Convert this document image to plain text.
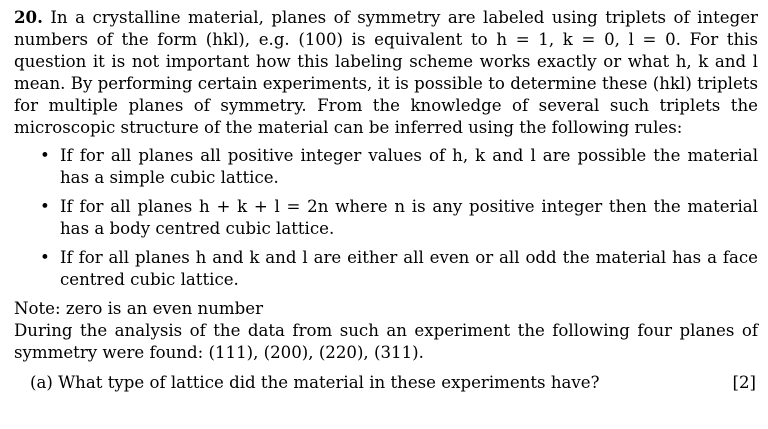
20. In a crystalline material, planes of symmetry are labeled using triplets of integer numbers of the form (hkl), e.g. (100) is equivalent to h = 1, k = 0, l = 0. For this question it is not important how this labeling scheme works exactly or what h, k and l mean. By performing certain experiments, it is possible to determine these (hkl) triplets for multiple planes of symmetry. From the knowledge of several such triplets the microscopic structure of the material can be inferred using the following rules:

• If for all planes all positive integer values of h, k and l are possible the material has a simple cubic lattice.
• If for all planes h + k + l = 2n where n is any positive integer then the material has a body centred cubic lattice.
• If for all planes h and k and l are either all even or all odd the material has a face centred cubic lattice.

Note: zero is an even number

During the analysis of the data from such an experiment the following four planes of symmetry were found: (111), (200), (220), (311).

(a) What type of lattice did the material in these experiments have?	[2]
